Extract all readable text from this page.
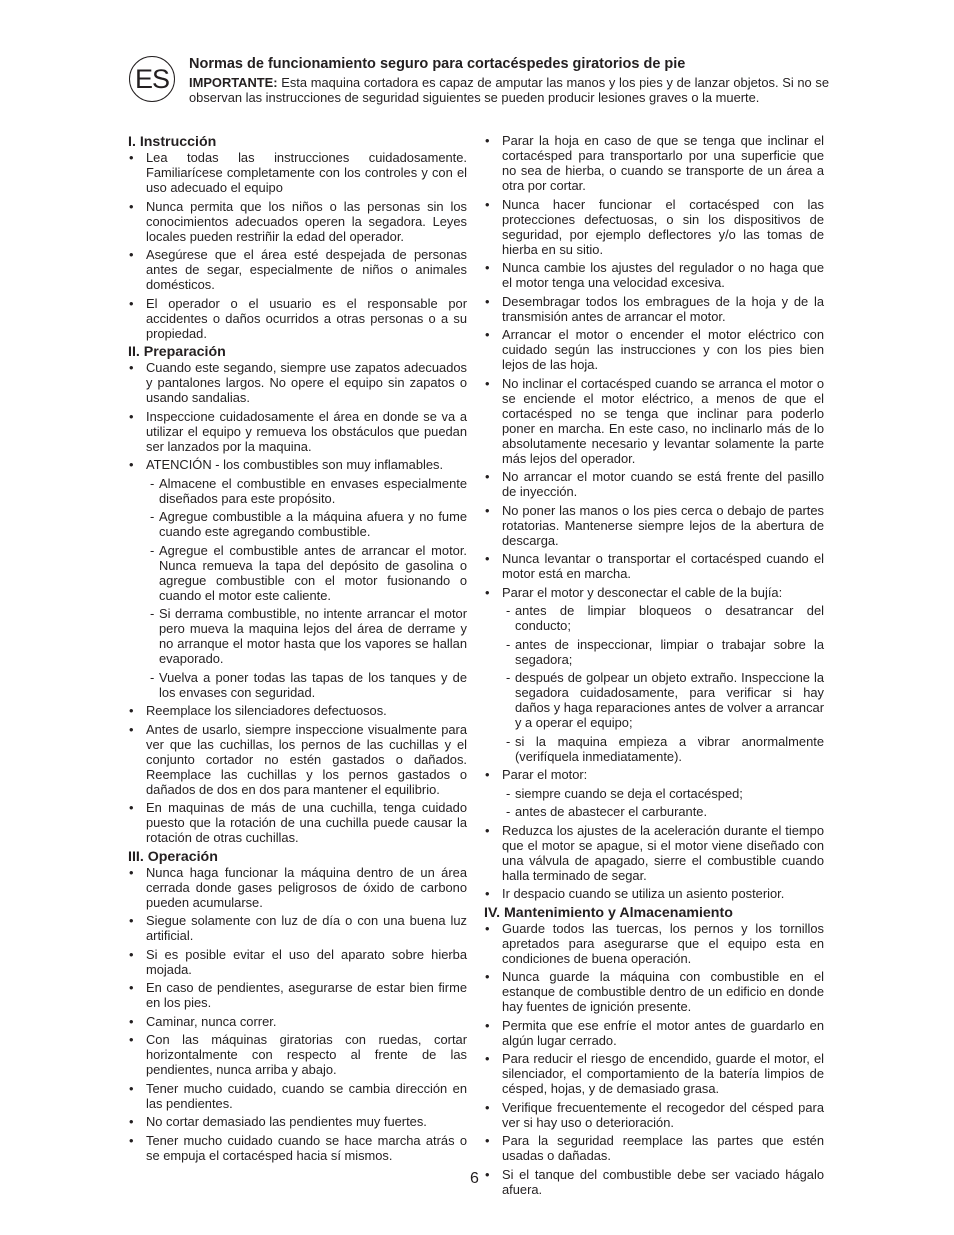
ES	Normas de funcionamiento seguro para cortacéspedes giratorios de pie

IMPORTANTE: Esta maquina cortadora es capaz de amputar las manos y los pies y de lanzar objetos. Si no se observan las instrucciones de seguridad siguientes se pueden producir lesiones graves o la muerte.

I. Instrucción

• Lea todas las instrucciones cuidadosamente. Familiarícese completamente con los controles y con el uso adecuado el equipo
• Nunca permita que los niños o las personas sin los conocimientos adecuados operen la segadora. Leyes locales pueden restriñir la edad del operador.
• Asegúrese que el área esté despejada de personas antes de segar, especialmente de niños o animales domésticos.
• El operador o el usuario es el responsable por accidentes o daños ocurridos a otras personas o a su propiedad.

II. Preparación

• Cuando este segando, siempre use zapatos adecuados y pantalones largos. No opere el equipo sin zapatos o usando sandalias.
• Inspeccione cuidadosamente el área en donde se va a utilizar el equipo y remueva los obstáculos que puedan ser lanzados por la maquina.
• ATENCIÓN - los combustibles son muy inflamables.
- Almacene el combustible en envases especialmente diseñados para este propósito.
- Agregue combustible a la máquina afuera y no fume cuando este agregando combustible.
- Agregue el combustible antes de arrancar el motor. Nunca remueva la tapa del depósito de gasolina o agregue combustible con el motor fusionando o cuando el motor este caliente.
- Si derrama combustible, no intente arrancar el motor pero mueva la maquina lejos del área de derrame y no arranque el motor hasta que los vapores se hallan evaporado.
- Vuelva a poner todas las tapas de los tanques y de los envases con seguridad.
• Reemplace los silenciadores defectuosos.
• Antes de usarlo, siempre inspeccione visualmente para ver que las cuchillas, los pernos de las cuchillas y el conjunto cortador no estén gastados o dañados. Reemplace las cuchillas y los pernos gastados o dañados de dos en dos para mantener el equilibrio.
• En maquinas de más de una cuchilla, tenga cuidado puesto que la rotación de una cuchilla puede causar la rotación de otras cuchillas.

III. Operación

• Nunca haga funcionar la máquina dentro de un área cerrada donde gases peligrosos de óxido de carbono pueden acumularse.
• Siegue solamente con luz de día o con una buena luz artificial.
• Si es posible evitar el uso del aparato sobre hierba mojada.
• En caso de pendientes, asegurarse de estar bien firme en los pies.
• Caminar, nunca correr.
• Con las máquinas giratorias con ruedas, cortar horizontalmente con respecto al frente de las pendientes, nunca arriba y abajo.
• Tener mucho cuidado, cuando se cambia dirección en las pendientes.
• No cortar demasiado las pendientes muy fuertes.
• Tener mucho cuidado cuando se hace marcha atrás o se empuja el cortacésped hacia sí mismos.
• Parar la hoja en caso de que se tenga que inclinar el cortacésped para transportarlo por una superficie que no sea de hierba, o cuando se transporte de un área a otra por cortar.
• Nunca hacer funcionar el cortacésped con las protecciones defectuosas, o sin los dispositivos de seguridad, por ejemplo deflectores y/o las tomas de hierba en su sitio.
• Nunca cambie los ajustes del regulador o no haga que el motor tenga una velocidad excesiva.
• Desembragar todos los embragues de la hoja y de la transmisión antes de arrancar el motor.
• Arrancar el motor o encender el motor eléctrico con cuidado según las instrucciones y con los pies bien lejos de las hoja.
• No inclinar el cortacésped cuando se arranca el motor o se enciende el motor eléctrico, a menos de que el cortacésped no se tenga que inclinar para poderlo poner en marcha. En este caso, no inclinarlo más de lo absolutamente necesario y levantar solamente la parte más lejos del operador.
• No arrancar el motor cuando se está frente del pasillo de inyección.
• No poner las manos o los pies cerca o debajo de partes rotatorias. Mantenerse siempre lejos de la abertura de descarga.
• Nunca levantar o transportar el cortacésped cuando el motor está en marcha.
• Parar el motor y desconectar el cable de la bujía:
- antes de limpiar bloqueos o desatrancar del conducto;
- antes de inspeccionar, limpiar o trabajar sobre la segadora;
- después de golpear un objeto extraño. Inspeccione la segadora cuidadosamente, para verificar si hay daños y haga reparaciones antes de volver a arrancar y a operar el equipo;
- si la maquina empieza a vibrar anormalmente (verifíquela inmediatamente).
• Parar el motor:
- siempre cuando se deja el cortacésped;
- antes de abastecer el carburante.
• Reduzca los ajustes de la aceleración durante el tiempo que el motor se apague, si el motor viene diseñado con una válvula de apagado, sierre el combustible cuando halla terminado de segar.
• Ir despacio cuando se utiliza un asiento posterior.

IV. Mantenimiento y Almacenamiento

• Guarde todos las tuercas, los pernos y los tornillos apretados para asegurarse que el equipo esta en condiciones de buena operación.
• Nunca guarde la máquina con combustible en el estanque de combustible dentro de un edificio en donde hay fuentes de ignición presente.
• Permita que ese enfríe el motor antes de guardarlo en algún lugar cerrado.
• Para reducir el riesgo de encendido, guarde el motor, el silenciador, el comportamiento de la batería limpios de césped, hojas, y de demasiado grasa.
• Verifique frecuentemente el recogedor del césped para ver si hay uso o deterioración.
• Para la seguridad reemplace las partes que estén usadas o dañadas.
• Si el tanque del combustible debe ser vaciado hágalo afuera.
6
